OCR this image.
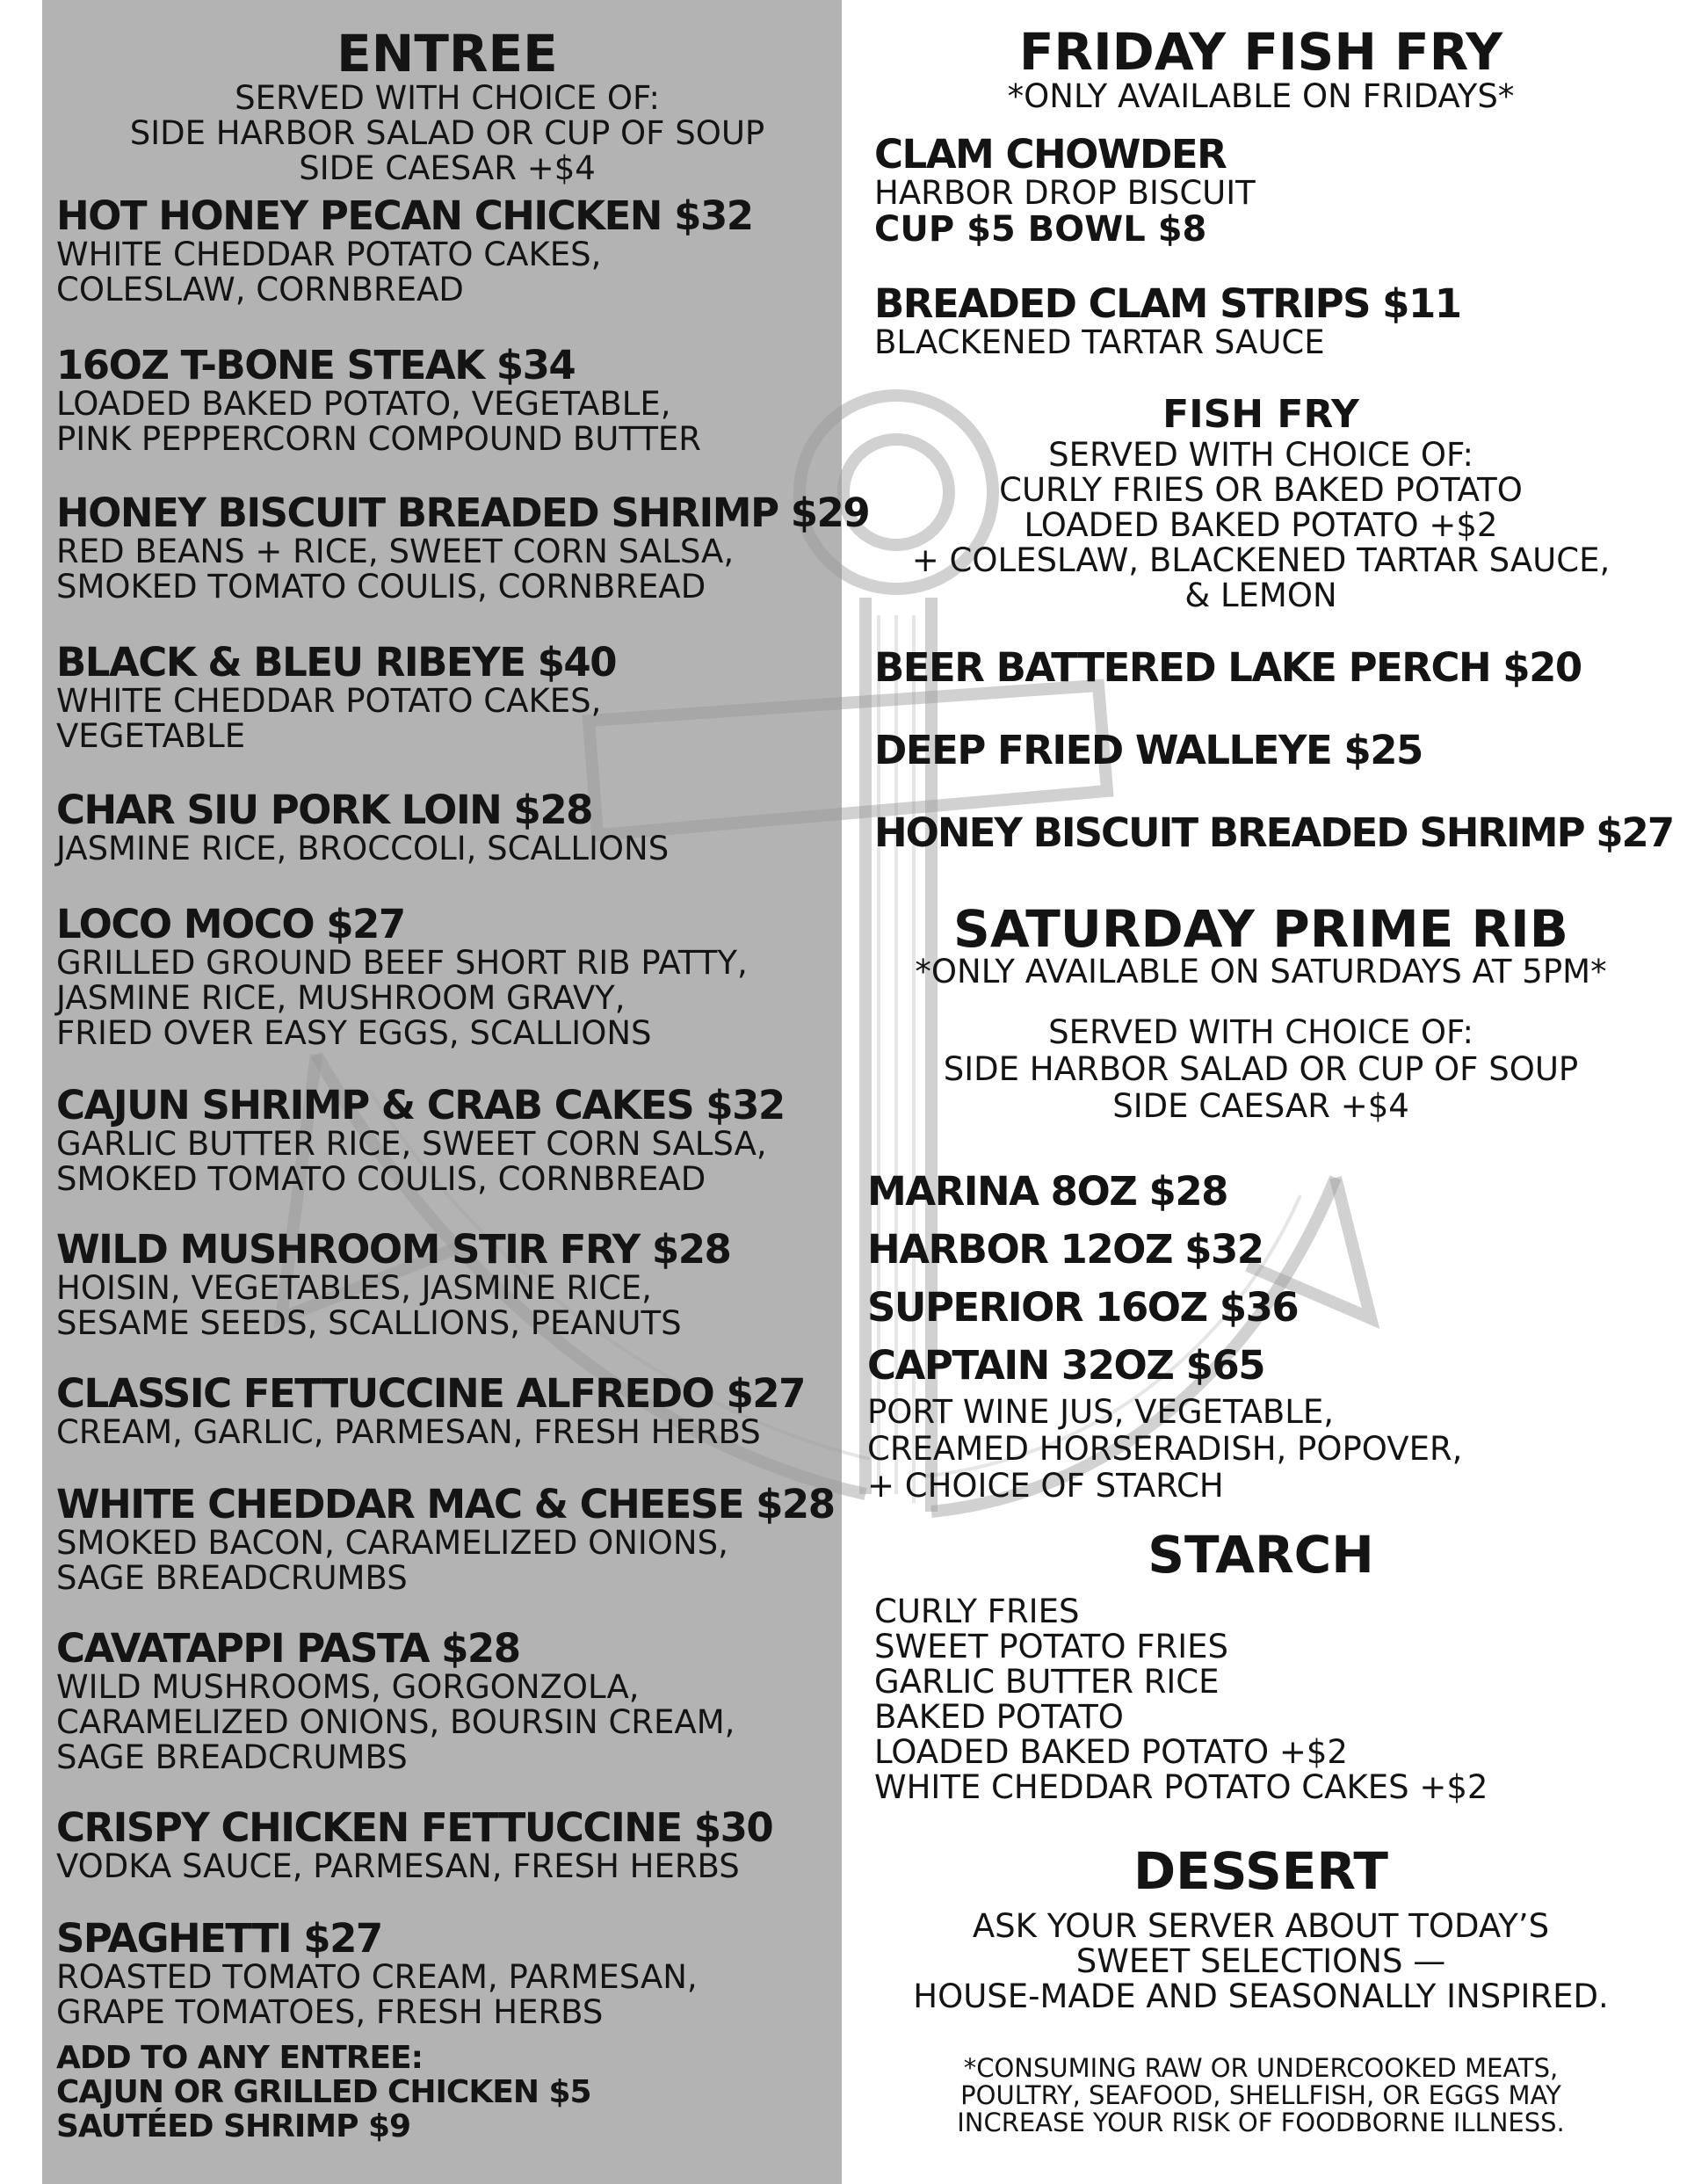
ENTREE
SERVED WITH CHOICE OF:
SIDE HARBOR SALAD OR CUP OF SOUP
SIDE CAESAR +$4
HOT HONEY PECAN CHICKEN $32
WHITE CHEDDAR POTATO CAKES,
COLESLAW, CORNBREAD
16OZ T-BONE STEAK $34
LOADED BAKED POTATO, VEGETABLE,
PINK PEPPERCORN COMPOUND BUTTER
HONEY BISCUIT BREADED SHRIMP $29
RED BEANS + RICE, SWEET CORN SALSA,
SMOKED TOMATO COULIS, CORNBREAD
BLACK & BLEU RIBEYE $40
WHITE CHEDDAR POTATO CAKES,
VEGETABLE
CHAR SIU PORK LOIN $28
JASMINE RICE, BROCCOLI, SCALLIONS
LOCO MOCO $27
GRILLED GROUND BEEF SHORT RIB PATTY,
JASMINE RICE, MUSHROOM GRAVY,
FRIED OVER EASY EGGS, SCALLIONS
CAJUN SHRIMP & CRAB CAKES $32
GARLIC BUTTER RICE, SWEET CORN SALSA,
SMOKED TOMATO COULIS, CORNBREAD
WILD MUSHROOM STIR FRY $28
HOISIN, VEGETABLES, JASMINE RICE,
SESAME SEEDS, SCALLIONS, PEANUTS
CLASSIC FETTUCCINE ALFREDO $27
CREAM, GARLIC, PARMESAN, FRESH HERBS
WHITE CHEDDAR MAC & CHEESE $28
SMOKED BACON, CARAMELIZED ONIONS,
SAGE BREADCRUMBS
CAVATAPPI PASTA $28
WILD MUSHROOMS, GORGONZOLA,
CARAMELIZED ONIONS, BOURSIN CREAM,
SAGE BREADCRUMBS
CRISPY CHICKEN FETTUCCINE $30
VODKA SAUCE, PARMESAN, FRESH HERBS
SPAGHETTI $27
ROASTED TOMATO CREAM, PARMESAN,
GRAPE TOMATOES, FRESH HERBS
ADD TO ANY ENTREE:
CAJUN OR GRILLED CHICKEN $5
SAUTÉED SHRIMP $9
FRIDAY FISH FRY
*ONLY AVAILABLE ON FRIDAYS*
CLAM CHOWDER
HARBOR DROP BISCUIT
CUP $5 BOWL $8
BREADED CLAM STRIPS $11
BLACKENED TARTAR SAUCE
FISH FRY
SERVED WITH CHOICE OF:
CURLY FRIES OR BAKED POTATO
LOADED BAKED POTATO +$2
+ COLESLAW, BLACKENED TARTAR SAUCE,
& LEMON
BEER BATTERED LAKE PERCH $20
DEEP FRIED WALLEYE $25
HONEY BISCUIT BREADED SHRIMP $27
SATURDAY PRIME RIB
*ONLY AVAILABLE ON SATURDAYS AT 5PM*
SERVED WITH CHOICE OF:
SIDE HARBOR SALAD OR CUP OF SOUP
SIDE CAESAR +$4
MARINA 8OZ $28
HARBOR 12OZ $32
SUPERIOR 16OZ $36
CAPTAIN 32OZ $65
PORT WINE JUS, VEGETABLE,
CREAMED HORSERADISH, POPOVER,
+ CHOICE OF STARCH
STARCH
CURLY FRIES
SWEET POTATO FRIES
GARLIC BUTTER RICE
BAKED POTATO
LOADED BAKED POTATO +$2
WHITE CHEDDAR POTATO CAKES +$2
DESSERT
ASK YOUR SERVER ABOUT TODAY’S
SWEET SELECTIONS —
HOUSE-MADE AND SEASONALLY INSPIRED.
*CONSUMING RAW OR UNDERCOOKED MEATS,
POULTRY, SEAFOOD, SHELLFISH, OR EGGS MAY
INCREASE YOUR RISK OF FOODBORNE ILLNESS.
